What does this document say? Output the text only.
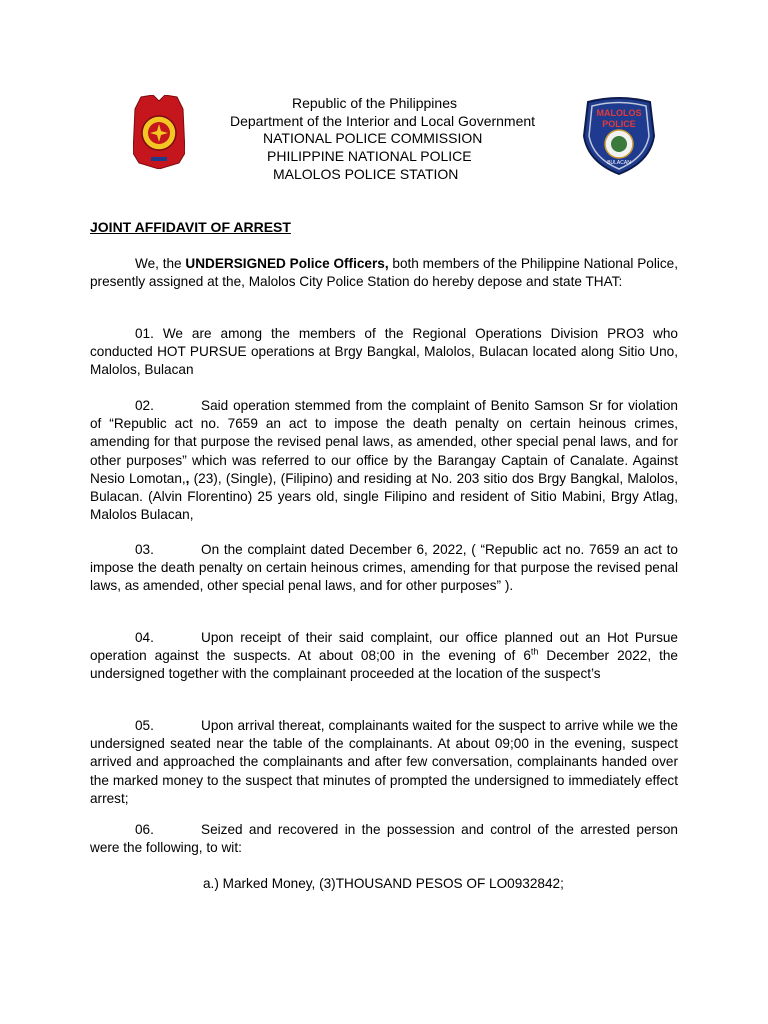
Republic of the Philippines
Department of the Interior and Local Government
NATIONAL POLICE COMMISSION
PHILIPPINE NATIONAL POLICE
MALOLOS POLICE STATION
MALOLOS
POLICE
BULACAN
JOINT AFFIDAVIT OF ARREST
We, the UNDERSIGNED Police Officers, both members of the Philippine National Police, presently assigned at the, Malolos City Police Station do hereby depose and state THAT:
01. We are among the members of the Regional Operations Division PRO3 who conducted HOT PURSUE operations at Brgy Bangkal, Malolos, Bulacan located along Sitio Uno, Malolos, Bulacan
02.	Said operation stemmed from the complaint of Benito Samson Sr for violation of “Republic act no. 7659 an act to impose the death penalty on certain heinous crimes, amending for that purpose the revised penal laws, as amended, other special penal laws, and for other purposes” which was referred to our office by the Barangay Captain of Canalate. Against Nesio Lomotan,, (23), (Single), (Filipino) and residing at No. 203 sitio dos Brgy Bangkal, Malolos, Bulacan. (Alvin Florentino) 25 years old, single Filipino and resident of Sitio Mabini, Brgy Atlag, Malolos Bulacan,
03.	On the complaint dated December 6, 2022, ( “Republic act no. 7659 an act to impose the death penalty on certain heinous crimes, amending for that purpose the revised penal laws, as amended, other special penal laws, and for other purposes” ).
04.	Upon receipt of their said complaint, our office planned out an Hot Pursue operation against the suspects. At about 08;00 in the evening of 6th December 2022, the undersigned together with the complainant proceeded at the location of the suspect’s
05.	Upon arrival thereat, complainants waited for the suspect to arrive while we the undersigned seated near the table of the complainants. At about 09;00 in the evening, suspect arrived and approached the complainants and after few conversation, complainants handed over the marked money to the suspect that minutes of prompted the undersigned to immediately effect arrest;
06.	Seized and recovered in the possession and control of the arrested person were the following, to wit:
a.) Marked Money, (3)THOUSAND PESOS OF LO0932842;
